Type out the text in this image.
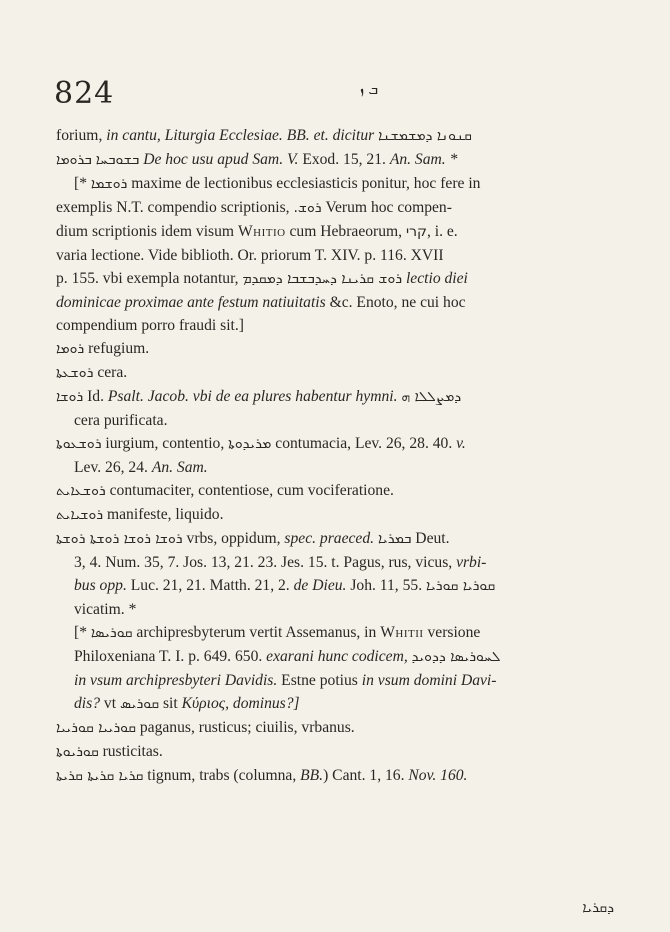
824	ܒ ܙ
forium, in cantu, Liturgia Ecclesiae. BB. et. dicitur ܩܢܘܢܐ ܕܡܫܡܫܢܐ
ܒܪܘܡܐ ܒܫܘܒܚܐ De hoc usu apud Sam. V. Exod. 15, 21. An. Sam. *
[* ܪܘܫܡܐ maxime de lectionibus ecclesiasticis ponitur, hoc fere in
exemplis N.T. compendio scriptionis, ܪܘܫ. Verum hoc compen-
dium scriptionis idem visum Whitio cum Hebraeorum, קרי, i. e.
varia lectione. Vide biblioth. Or. priorum T. XIV. p. 116. XVII
p. 155. vbi exempla notantur, ܪܘܫ ܩܪܝܢܐ ܕܚܕܒܫܒܐ ܕܡܩܕܡ lectio diei
dominicae proximae ante festum natiuitatis &c. Enoto, ne cui hoc
compendium porro fraudi sit.]
ܪܘܡܐ refugium.
ܪܘܫܥܬܐ cera.
ܪܘܫܐ Id. Psalt. Jacob. vbi de ea plures habentur hymni. ܕܡܨܠܠܐ ܗ
cera purificata.
ܪܘܫܥܘܬܐ iurgium, contentio, ܡܪܝܕܘܬܐ contumacia, Lev. 26, 28. 40. v.
Lev. 26, 24. An. Sam.
ܪܘܫܥܐܝܬ contumaciter, contentiose, cum vociferatione.
ܪܘܫܝܐܝܬ manifeste, liquido.
ܪܘܫܐ ܪܘܫܐ ܪܘܫܬܐ ܪܘܫܬܐ vrbs, oppidum, spec. praeced. ܒܡܪܝܐ Deut.
3, 4. Num. 35, 7. Jos. 13, 21. 23. Jes. 15. t. Pagus, rus, vicus, vrbi-
bus opp. Luc. 21, 21. Matth. 21, 2. de Dieu. Joh. 11, 55. ܩܘܪܝܐ ܩܘܪܝܐ
vicatim. *
[* ܩܘܪܝܣܐ archipresbyterum vertit Assemanus, in Whitii versione
Philoxeniana T. I. p. 649. 650. exarani hunc codicem, ܠܚܘܪܝܣܐ ܕܕܘܝܕ
in vsum archipresbyteri Davidis. Estne potius in vsum domini Davi-
dis? vt ܩܘܪܝܣ sit Κύριος, dominus?]
ܩܘܪܝܝܐ ܩܘܪܝܝܐ paganus, rusticus; ciuilis, vrbanus.
ܩܘܪܝܘܬܐ rusticitas.
ܩܪܝܐ ܩܪܝܬܐ ܩܪܝܬܐ tignum, trabs (columna, BB.) Cant. 1, 16. Nov. 160.
ܕܩܪܝܐ
